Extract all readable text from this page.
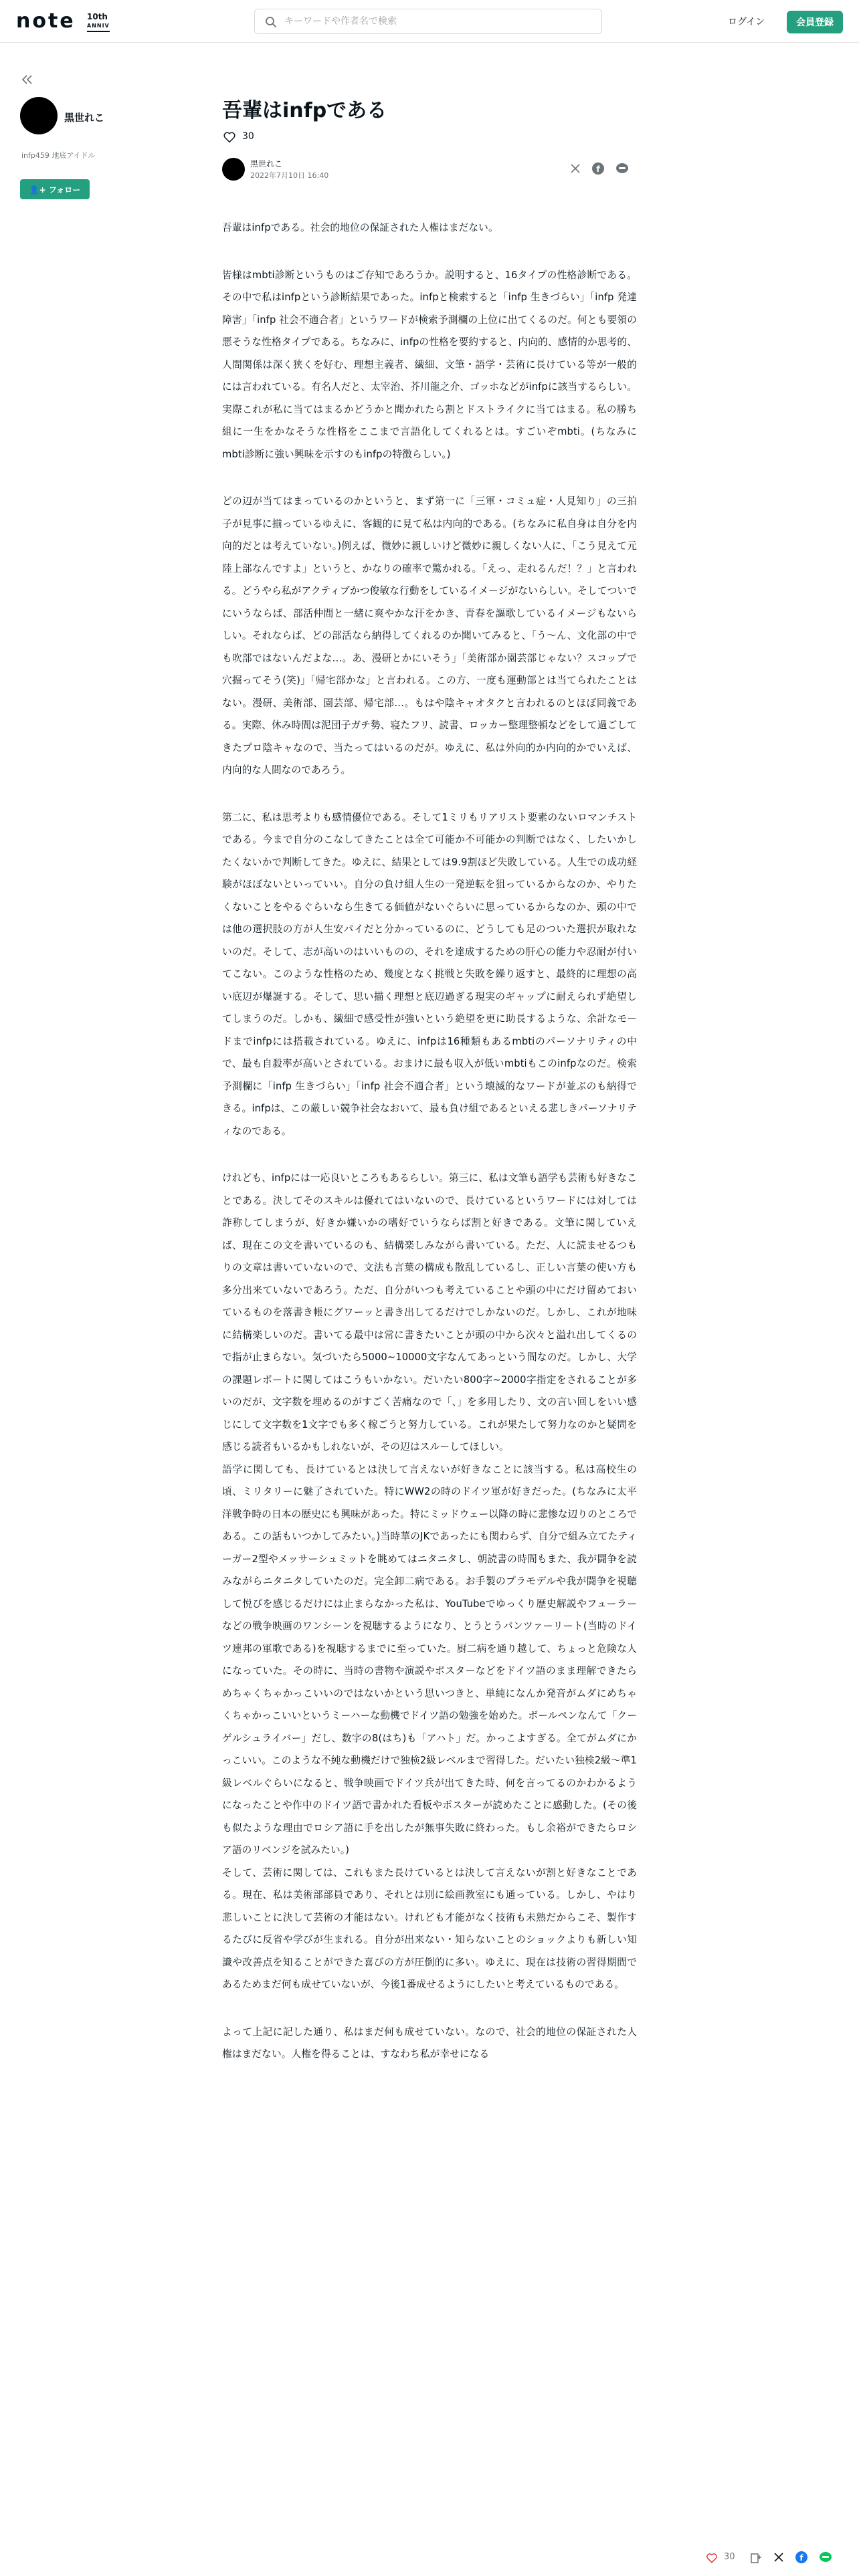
note 10th
ANNIV
キーワードや作者名で検索	ログイン	会員登録
黒世れこ
infp459 地底アイドル
👤+ フォロー
吾輩はinfpである
30
黒世れこ
2022年7月10日 16:40
f

吾輩はinfpである。社会的地位の保証された人権はまだない。

皆様はmbti診断というものはご存知であろうか。説明すると、16タイプの性格診断である。その中で私はinfpという診断結果であった。infpと検索すると「infp 生きづらい」「infp 発達障害」「infp 社会不適合者」というワードが検索予測欄の上位に出てくるのだ。何とも要領の悪そうな性格タイプである。ちなみに、infpの性格を要約すると、内向的、感情的か思考的、人間関係は深く狭くを好む、理想主義者、繊細、文筆・語学・芸術に長けている等が一般的には言われている。有名人だと、太宰治、芥川龍之介、ゴッホなどがinfpに該当するらしい。実際これが私に当てはまるかどうかと聞かれたら割とドストライクに当てはまる。私の勝ち組に一生をかなそうな性格をここまで言語化してくれるとは。すごいぞmbti。(ちなみにmbti診断に強い興味を示すのもinfpの特徴らしい。)

どの辺が当てはまっているのかというと、まず第一に「三軍・コミュ症・人見知り」の三拍子が見事に揃っているゆえに、客観的に見て私は内向的である。(ちなみに私自身は自分を内向的だとは考えていない。)例えば、微妙に親しいけど微妙に親しくない人に、「こう見えて元陸上部なんですよ」というと、かなりの確率で驚かれる。「えっ、走れるんだ！？」と言われる。どうやら私がアクティブかつ俊敏な行動をしているイメージがないらしい。そしてついでにいうならば、部活仲間と一緒に爽やかな汗をかき、青春を謳歌しているイメージもないらしい。それならば、どの部活なら納得してくれるのか聞いてみると、「う～ん、文化部の中でも吹部ではないんだよな…。あ、漫研とかにいそう」「美術部か園芸部じゃない？スコップで穴掘ってそう(笑)」「帰宅部かな」と言われる。この方、一度も運動部とは当てられたことはない。漫研、美術部、園芸部、帰宅部…。もはや陰キャオタクと言われるのとほぼ同義である。実際、休み時間は泥団子ガチ勢、寝たフリ、読書、ロッカー整理整頓などをして過ごしてきたプロ陰キャなので、当たってはいるのだが。ゆえに、私は外向的か内向的かでいえば、内向的な人間なのであろう。

第二に、私は思考よりも感情優位である。そして1ミリもリアリスト要素のないロマンチストである。今まで自分のこなしてきたことは全て可能か不可能かの判断ではなく、したいかしたくないかで判断してきた。ゆえに、結果としては9.9割ほど失敗している。人生での成功経験がほぼないといっていい。自分の負け組人生の一発逆転を狙っているからなのか、やりたくないことをやるぐらいなら生きてる価値がないぐらいに思っているからなのか、頭の中では他の選択肢の方が人生安パイだと分かっているのに、どうしても足のついた選択が取れないのだ。そして、志が高いのはいいものの、それを達成するための肝心の能力や忍耐が付いてこない。このような性格のため、幾度となく挑戦と失敗を繰り返すと、最終的に理想の高い底辺が爆誕する。そして、思い描く理想と底辺過ぎる現実のギャップに耐えられず絶望してしまうのだ。しかも、繊細で感受性が強いという絶望を更に助長するような、余計なモードまでinfpには搭載されている。ゆえに、infpは16種類もあるmbtiのパーソナリティの中で、最も自殺率が高いとされている。おまけに最も収入が低いmbtiもこのinfpなのだ。検索予測欄に「infp 生きづらい」「infp 社会不適合者」という壊滅的なワードが並ぶのも納得できる。infpは、この厳しい競争社会なおいて、最も負け組であるといえる悲しきパーソナリティなのである。

けれども、infpには一応良いところもあるらしい。第三に、私は文筆も語学も芸術も好きなことである。決してそのスキルは優れてはいないので、長けているというワードには対しては詐称してしまうが、好きか嫌いかの嗜好でいうならば割と好きである。文筆に関していえば、現在この文を書いているのも、結構楽しみながら書いている。ただ、人に読ませるつもりの文章は書いていないので、文法も言葉の構成も散乱しているし、正しい言葉の使い方も多分出来ていないであろう。ただ、自分がいつも考えていることや頭の中にだけ留めておいているものを落書き帳にグワーッと書き出してるだけでしかないのだ。しかし、これが地味に結構楽しいのだ。書いてる最中は常に書きたいことが頭の中から次々と溢れ出してくるので指が止まらない。気づいたら5000~10000文字なんてあっという間なのだ。しかし、大学の課題レポートに関してはこうもいかない。だいたい800字~2000字指定をされることが多いのだが、文字数を埋めるのがすごく苦痛なので「、」を多用したり、文の言い回しをいい感じにして文字数を1文字でも多く稼ごうと努力している。これが果たして努力なのかと疑問を感じる読者もいるかもしれないが、その辺はスルーしてほしい。
語学に関しても、長けているとは決して言えないが好きなことに該当する。私は高校生の頃、ミリタリーに魅了されていた。特にWW2の時のドイツ軍が好きだった。(ちなみに太平洋戦争時の日本の歴史にも興味があった。特にミッドウェー以降の時に悲惨な辺りのところである。この話もいつかしてみたい。)当時華のJKであったにも関わらず、自分で組み立てたティーガー2型やメッサーシュミットを眺めてはニタニタし、朝読書の時間もまた、我が闘争を読みながらニタニタしていたのだ。完全卸二病である。お手製のプラモデルや我が闘争を視聴して悦びを感じるだけには止まらなかった私は、YouTubeでゆっくり歴史解説やフューラーなどの戦争映画のワンシーンを視聴するようになり、とうとうパンツァーリート(当時のドイツ連邦の軍歌である)を視聴するまでに至っていた。厨二病を通り越して、ちょっと危険な人になっていた。その時に、当時の書物や演説やポスターなどをドイツ語のまま理解できたらめちゃくちゃかっこいいのではないかという思いつきと、単純になんか発音がムダにめちゃくちゃかっこいいというミーハーな動機でドイツ語の勉強を始めた。ボールペンなんて「クーゲルシュライバー」だし、数字の8(はち)も「アハト」だ。かっこよすぎる。全てがムダにかっこいい。このような不純な動機だけで独検2級レベルまで習得した。だいたい独検2級～準1級レベルぐらいになると、戦争映画でドイツ兵が出てきた時、何を言ってるのかわかるようになったことや作中のドイツ語で書かれた看板やポスターが読めたことに感動した。(その後も似たような理由でロシア語に手を出したが無事失敗に終わった。もし余裕ができたらロシア語のリベンジを試みたい。)
そして、芸術に関しては、これもまた長けているとは決して言えないが割と好きなことである。現在、私は美術部部員であり、それとは別に絵画教室にも通っている。しかし、やはり悲しいことに決して芸術の才能はない。けれども才能がなく技術も未熟だからこそ、製作するたびに反省や学びが生まれる。自分が出来ない・知らないことのショックよりも新しい知識や改善点を知ることができた喜びの方が圧倒的に多い。ゆえに、現在は技術の習得期間であるためまだ何も成せていないが、今後1番成せるようにしたいと考えているものである。

よって上記に記した通り、私はまだ何も成せていない。なので、社会的地位の保証された人権はまだない。人権を得ることは、すなわち私が幸せになる

30	f
